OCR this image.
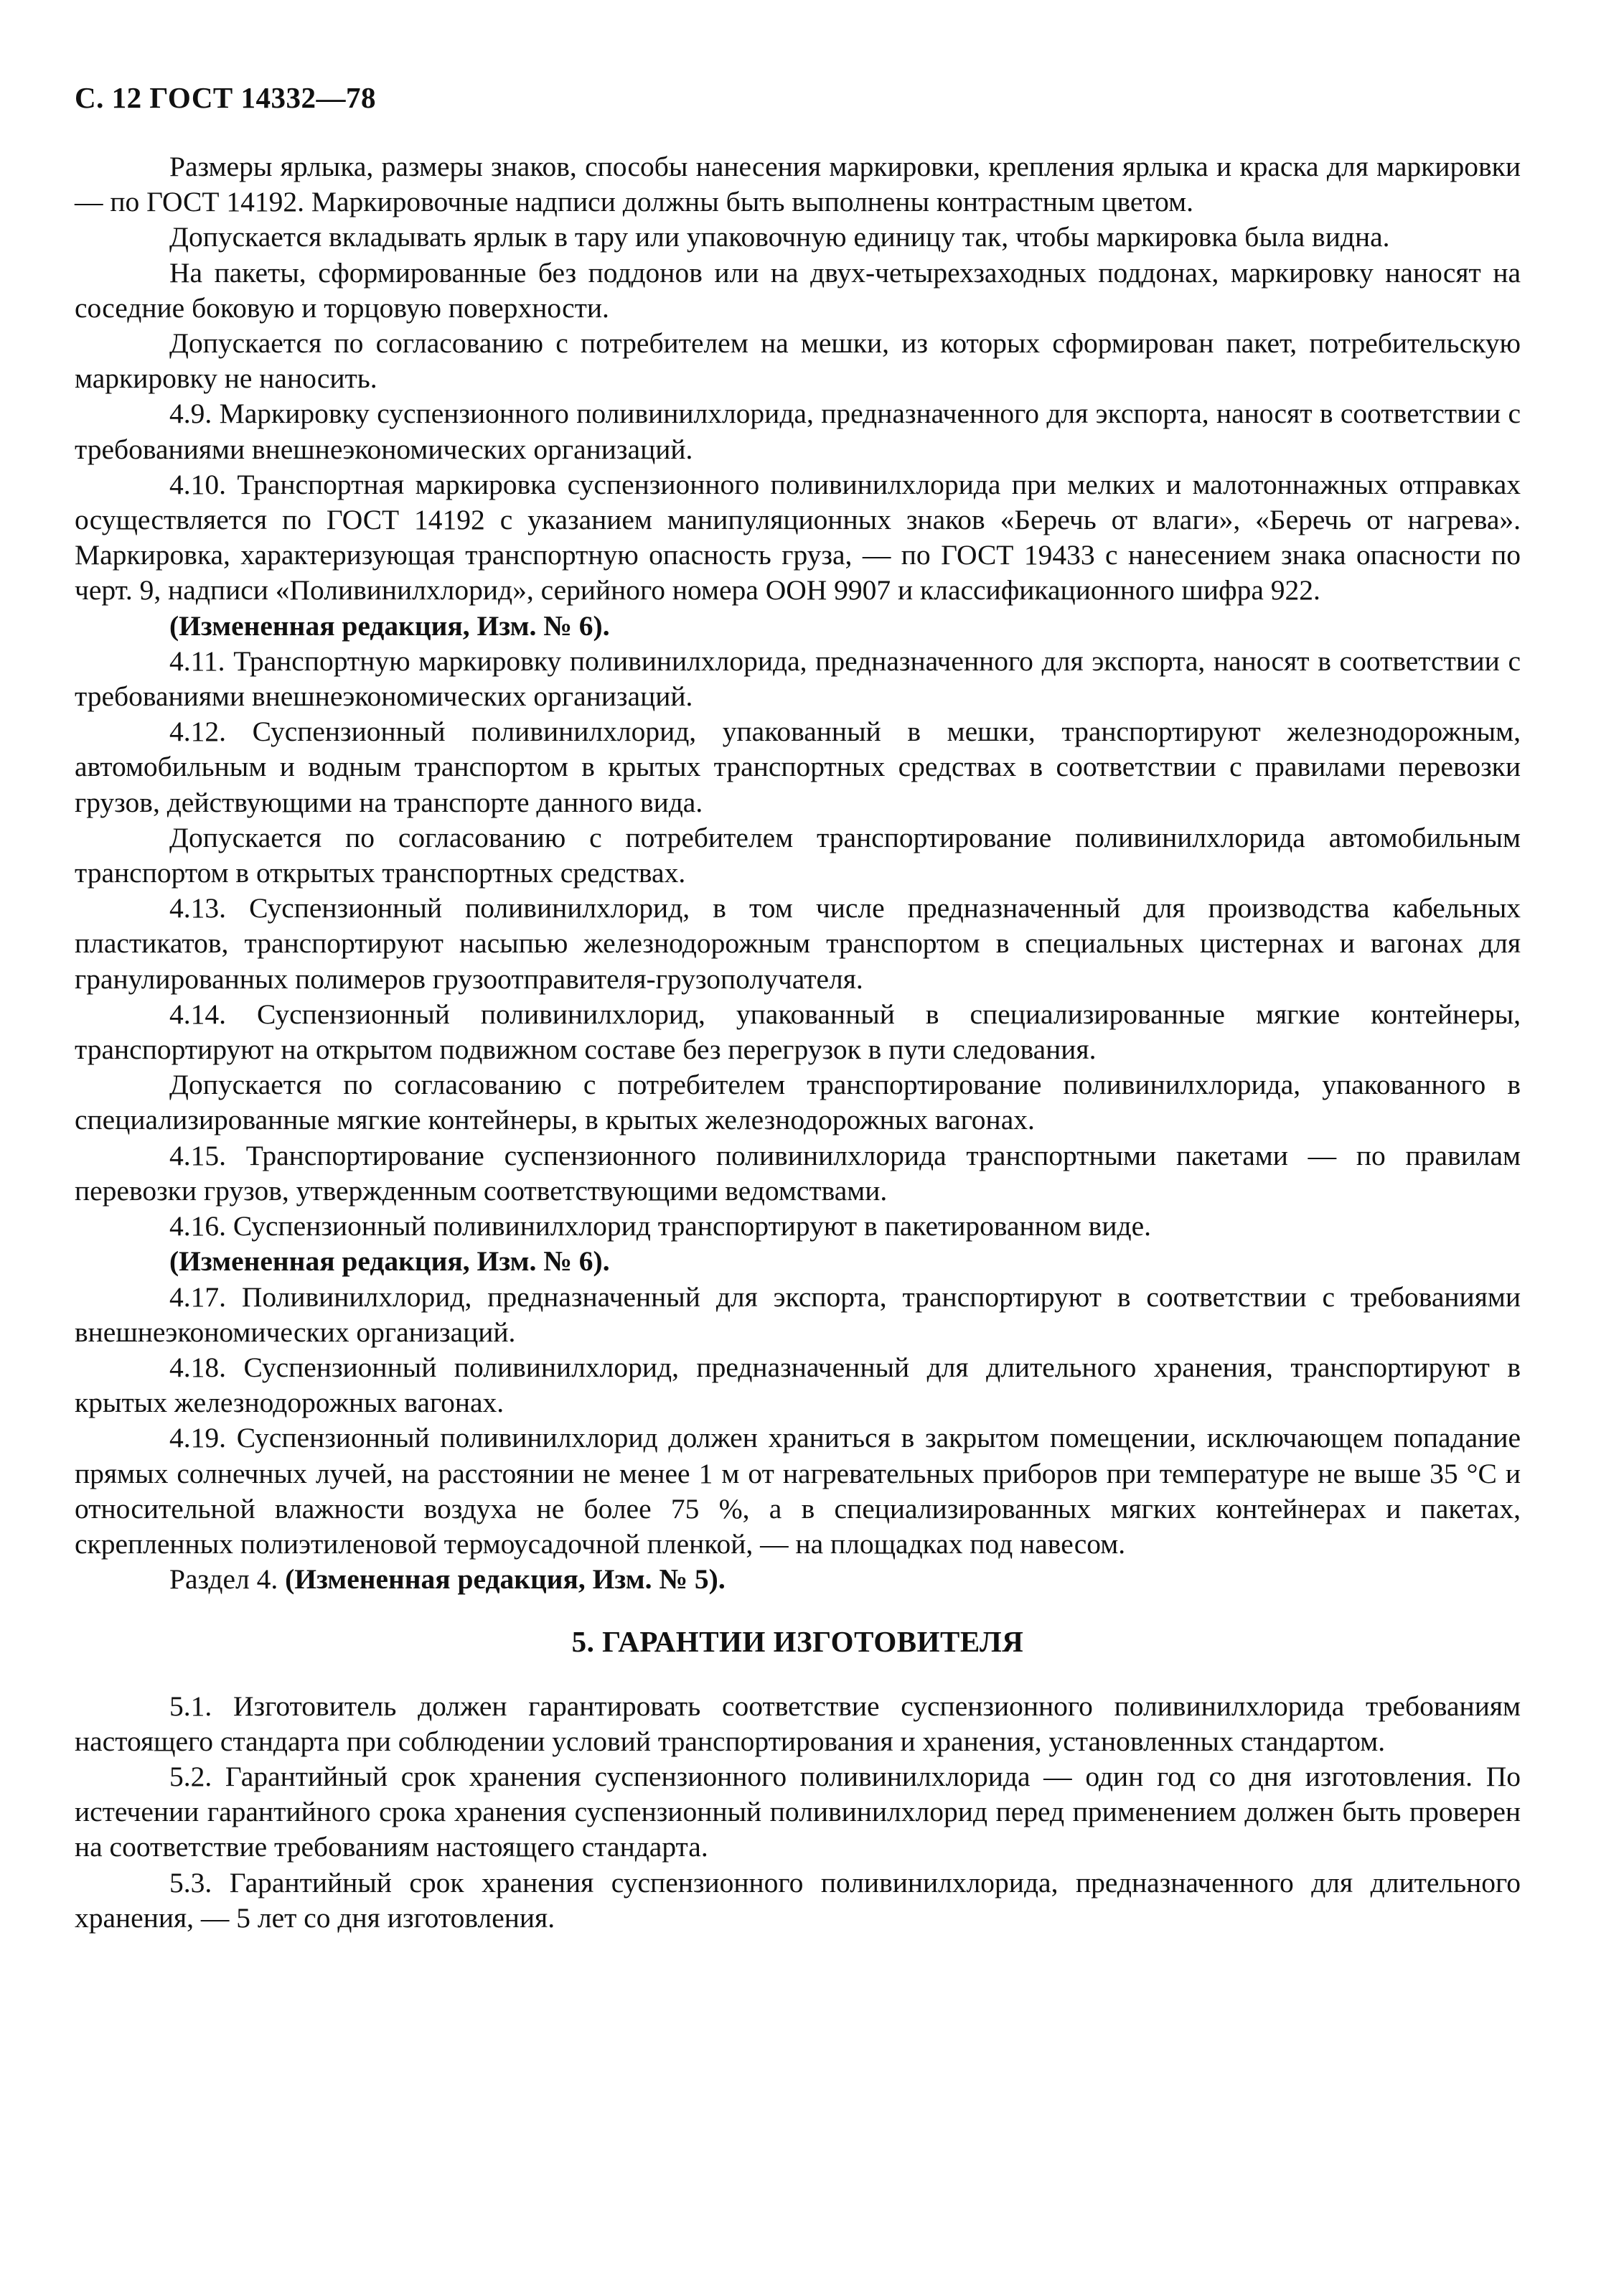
С. 12 ГОСТ 14332—78

Размеры ярлыка, размеры знаков, способы нанесения маркировки, крепления ярлыка и краска для маркировки — по ГОСТ 14192. Маркировочные надписи должны быть выполнены контрастным цветом.

Допускается вкладывать ярлык в тару или упаковочную единицу так, чтобы маркировка была видна.

На пакеты, сформированные без поддонов или на двух-четырехзаходных поддонах, маркировку наносят на соседние боковую и торцовую поверхности.

Допускается по согласованию с потребителем на мешки, из которых сформирован пакет, потребительскую маркировку не наносить.

4.9. Маркировку суспензионного поливинилхлорида, предназначенного для экспорта, наносят в соответствии с требованиями внешнеэкономических организаций.

4.10. Транспортная маркировка суспензионного поливинилхлорида при мелких и малотоннажных отправках осуществляется по ГОСТ 14192 с указанием манипуляционных знаков «Беречь от влаги», «Беречь от нагрева». Маркировка, характеризующая транспортную опасность груза, — по ГОСТ 19433 с нанесением знака опасности по черт. 9, надписи «Поливинилхлорид», серийного номера ООН 9907 и классификационного шифра 922.

(Измененная редакция, Изм. № 6).

4.11. Транспортную маркировку поливинилхлорида, предназначенного для экспорта, наносят в соответствии с требованиями внешнеэкономических организаций.

4.12. Суспензионный поливинилхлорид, упакованный в мешки, транспортируют железнодорожным, автомобильным и водным транспортом в крытых транспортных средствах в соответствии с правилами перевозки грузов, действующими на транспорте данного вида.

Допускается по согласованию с потребителем транспортирование поливинилхлорида автомобильным транспортом в открытых транспортных средствах.

4.13. Суспензионный поливинилхлорид, в том числе предназначенный для производства кабельных пластикатов, транспортируют насыпью железнодорожным транспортом в специальных цистернах и вагонах для гранулированных полимеров грузоотправителя-грузополучателя.

4.14. Суспензионный поливинилхлорид, упакованный в специализированные мягкие контейнеры, транспортируют на открытом подвижном составе без перегрузок в пути следования.

Допускается по согласованию с потребителем транспортирование поливинилхлорида, упакованного в специализированные мягкие контейнеры, в крытых железнодорожных вагонах.

4.15. Транспортирование суспензионного поливинилхлорида транспортными пакетами — по правилам перевозки грузов, утвержденным соответствующими ведомствами.

4.16. Суспензионный поливинилхлорид транспортируют в пакетированном виде.

(Измененная редакция, Изм. № 6).

4.17. Поливинилхлорид, предназначенный для экспорта, транспортируют в соответствии с требованиями внешнеэкономических организаций.

4.18. Суспензионный поливинилхлорид, предназначенный для длительного хранения, транспортируют в крытых железнодорожных вагонах.

4.19. Суспензионный поливинилхлорид должен храниться в закрытом помещении, исключающем попадание прямых солнечных лучей, на расстоянии не менее 1 м от нагревательных приборов при температуре не выше 35 °С и относительной влажности воздуха не более 75 %, а в специализированных мягких контейнерах и пакетах, скрепленных полиэтиленовой термоусадочной пленкой, — на площадках под навесом.

Раздел 4. (Измененная редакция, Изм. № 5).

5. ГАРАНТИИ ИЗГОТОВИТЕЛЯ

5.1. Изготовитель должен гарантировать соответствие суспензионного поливинилхлорида требованиям настоящего стандарта при соблюдении условий транспортирования и хранения, установленных стандартом.

5.2. Гарантийный срок хранения суспензионного поливинилхлорида — один год со дня изготовления. По истечении гарантийного срока хранения суспензионный поливинилхлорид перед применением должен быть проверен на соответствие требованиям настоящего стандарта.

5.3. Гарантийный срок хранения суспензионного поливинилхлорида, предназначенного для длительного хранения, — 5 лет со дня изготовления.
